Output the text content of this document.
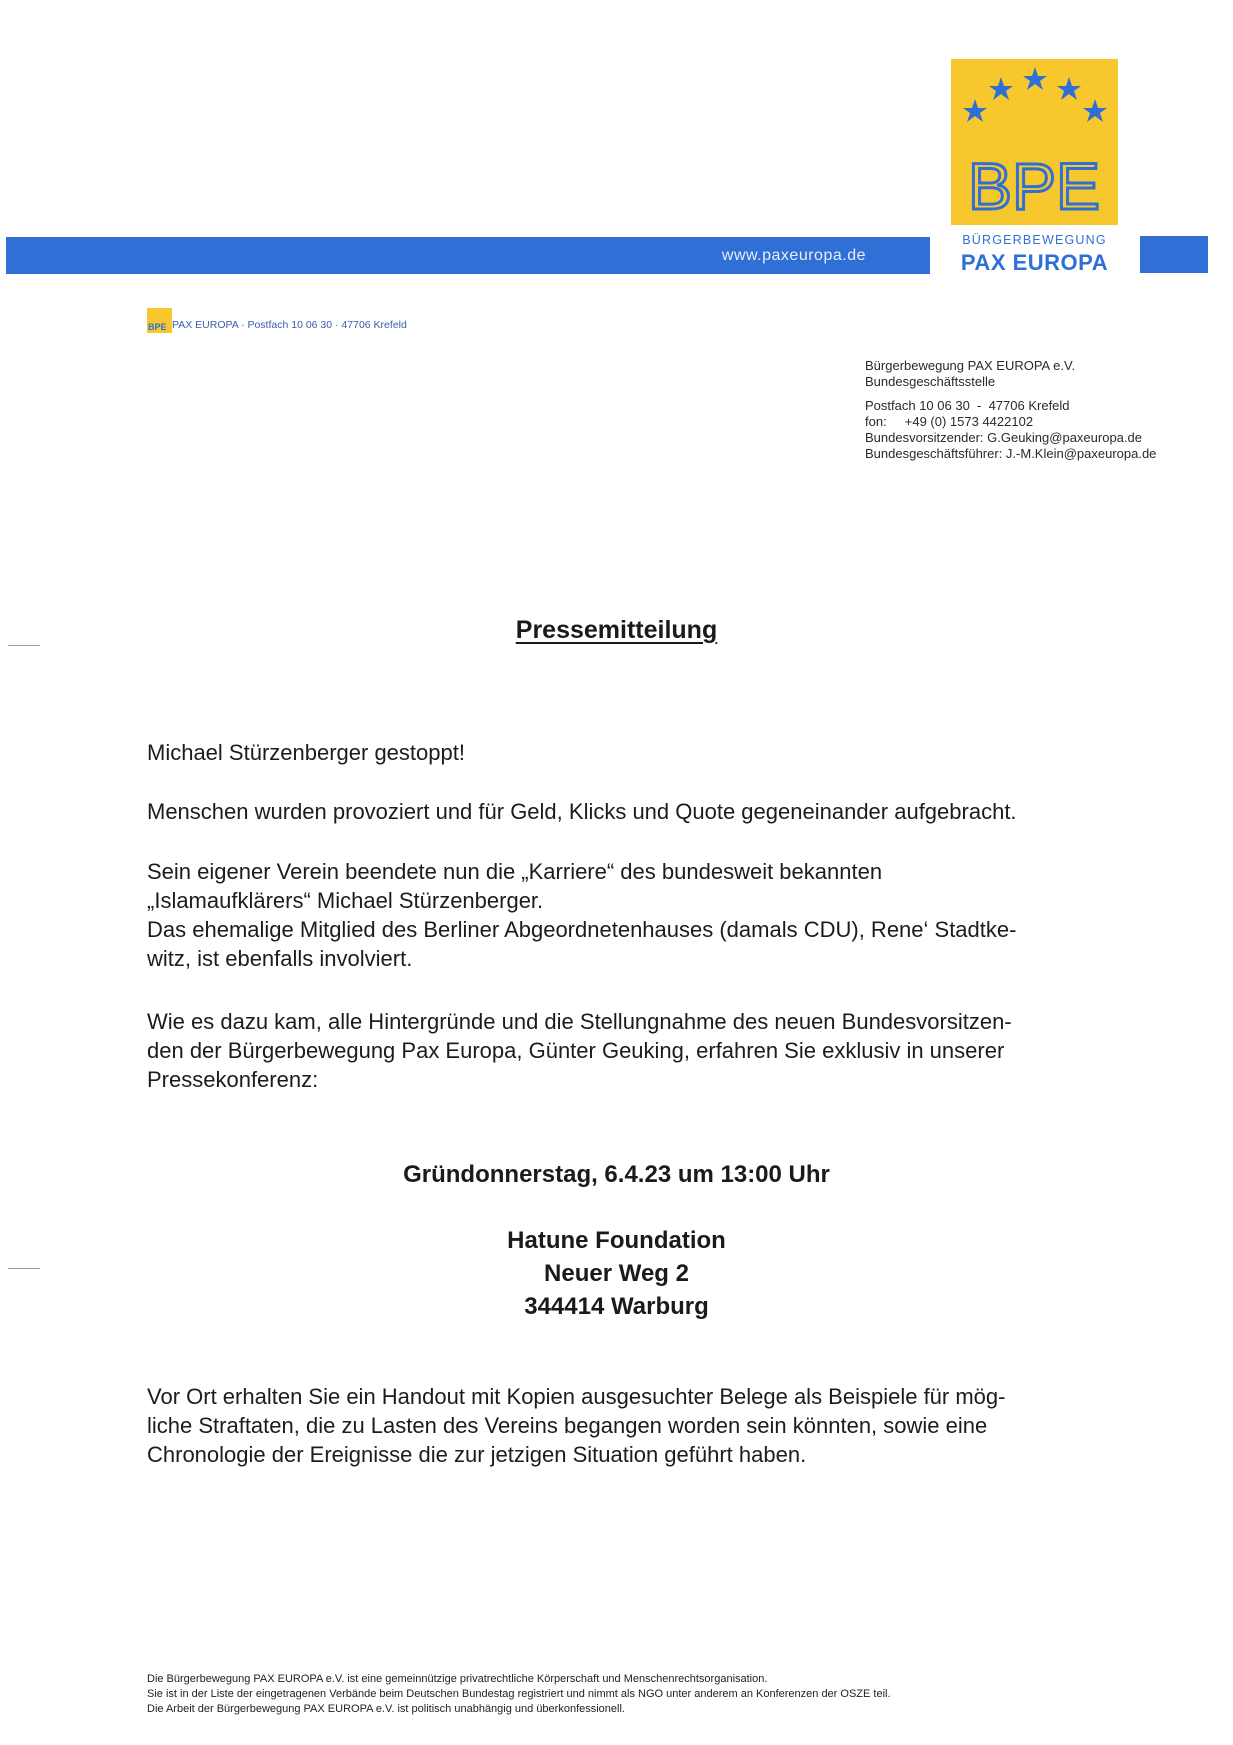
www.paxeuropa.de
BPE
BÜRGERBEWEGUNG
PAX EUROPA
BPE PAX EUROPA · Postfach 10 06 30 · 47706 Krefeld
Bürgerbewegung PAX EUROPA e.V.
Bundesgeschäftsstelle
Postfach 10 06 30  -  47706 Krefeld
fon:     +49 (0) 1573 4422102
Bundesvorsitzender: G.Geuking@paxeuropa.de
Bundesgeschäftsführer: J.-M.Klein@paxeuropa.de
Pressemitteilung

Michael Stürzenberger gestoppt!

Menschen wurden provoziert und für Geld, Klicks und Quote gegeneinander aufgebracht.

Sein eigener Verein beendete nun die „Karriere“ des bundesweit bekannten

„Islamaufklärers“ Michael Stürzenberger.

Das ehemalige Mitglied des Berliner Abgeordnetenhauses (damals CDU), Rene‘ Stadtke-

witz, ist ebenfalls involviert.

Wie es dazu kam, alle Hintergründe und die Stellungnahme des neuen Bundesvorsitzen-

den der Bürgerbewegung Pax Europa, Günter Geuking, erfahren Sie exklusiv in unserer

Pressekonferenz:

Gründonnerstag, 6.4.23 um 13:00 Uhr
Hatune Foundation
Neuer Weg 2
344414 Warburg

Vor Ort erhalten Sie ein Handout mit Kopien ausgesuchter Belege als Beispiele für mög-

liche Straftaten, die zu Lasten des Vereins begangen worden sein könnten, sowie eine

Chronologie der Ereignisse die zur jetzigen Situation geführt haben.

Die Bürgerbewegung PAX EUROPA e.V. ist eine gemeinnützige privatrechtliche Körperschaft und Menschenrechtsorganisation.
Sie ist in der Liste der eingetragenen Verbände beim Deutschen Bundestag registriert und nimmt als NGO unter anderem an Konferenzen der OSZE teil.
Die Arbeit der Bürgerbewegung PAX EUROPA e.V. ist politisch unabhängig und überkonfessionell.
